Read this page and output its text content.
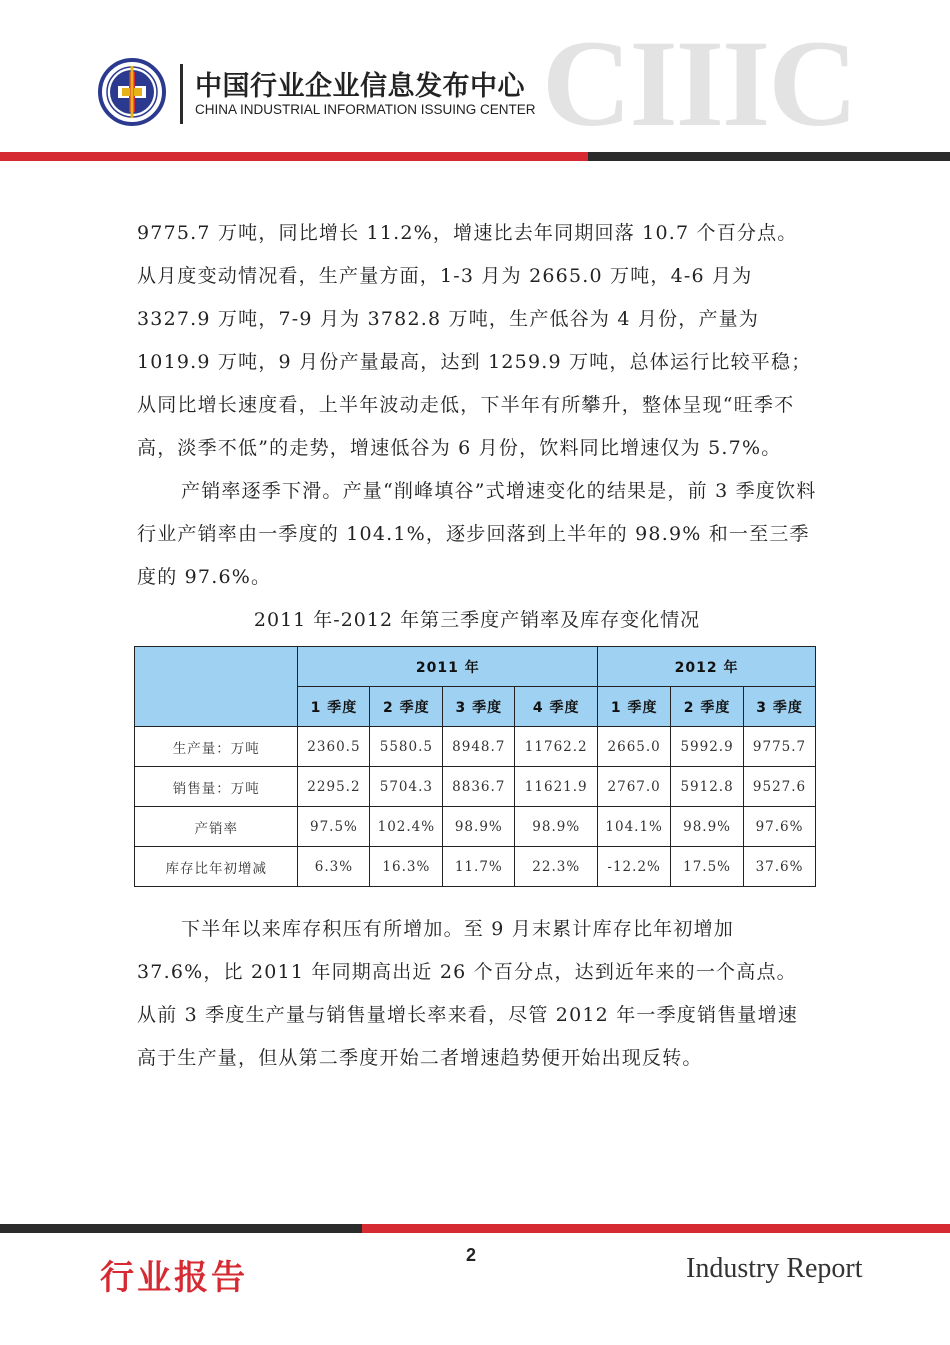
中国行业企业信息发布中心
CHINA INDUSTRIAL INFORMATION ISSUING CENTER CIIIC

9775.7 万吨，同比增长 11.2%，增速比去年同期回落 10.7 个百分点。从月度变动情况看，生产量方面，1-3 月为 2665.0 万吨，4-6 月为 3327.9 万吨，7-9 月为 3782.8 万吨，生产低谷为 4 月份，产量为 1019.9 万吨，9 月份产量最高，达到 1259.9 万吨，总体运行比较平稳；从同比增长速度看，上半年波动走低，下半年有所攀升，整体呈现“旺季不高，淡季不低”的走势，增速低谷为 6 月份，饮料同比增速仅为 5.7%。

产销率逐季下滑。产量“削峰填谷”式增速变化的结果是，前 3 季度饮料行业产销率由一季度的 104.1%，逐步回落到上半年的 98.9% 和一至三季度的 97.6%。

2011 年-2012 年第三季度产销率及库存变化情况

	2011 年				2012 年		
	1 季度	2 季度	3 季度	4 季度	1 季度	2 季度	3 季度
生产量：万吨	2360.5	5580.5	8948.7	11762.2	2665.0	5992.9	9775.7
销售量：万吨	2295.2	5704.3	8836.7	11621.9	2767.0	5912.8	9527.6
产销率	97.5%	102.4%	98.9%	98.9%	104.1%	98.9%	97.6%
库存比年初增减	6.3%	16.3%	11.7%	22.3%	-12.2%	17.5%	37.6%

下半年以来库存积压有所增加。至 9 月末累计库存比年初增加 37.6%，比 2011 年同期高出近 26 个百分点，达到近年来的一个高点。从前 3 季度生产量与销售量增长率来看，尽管 2012 年一季度销售量增速高于生产量，但从第二季度开始二者增速趋势便开始出现反转。

行业报告
2	Industry Report
